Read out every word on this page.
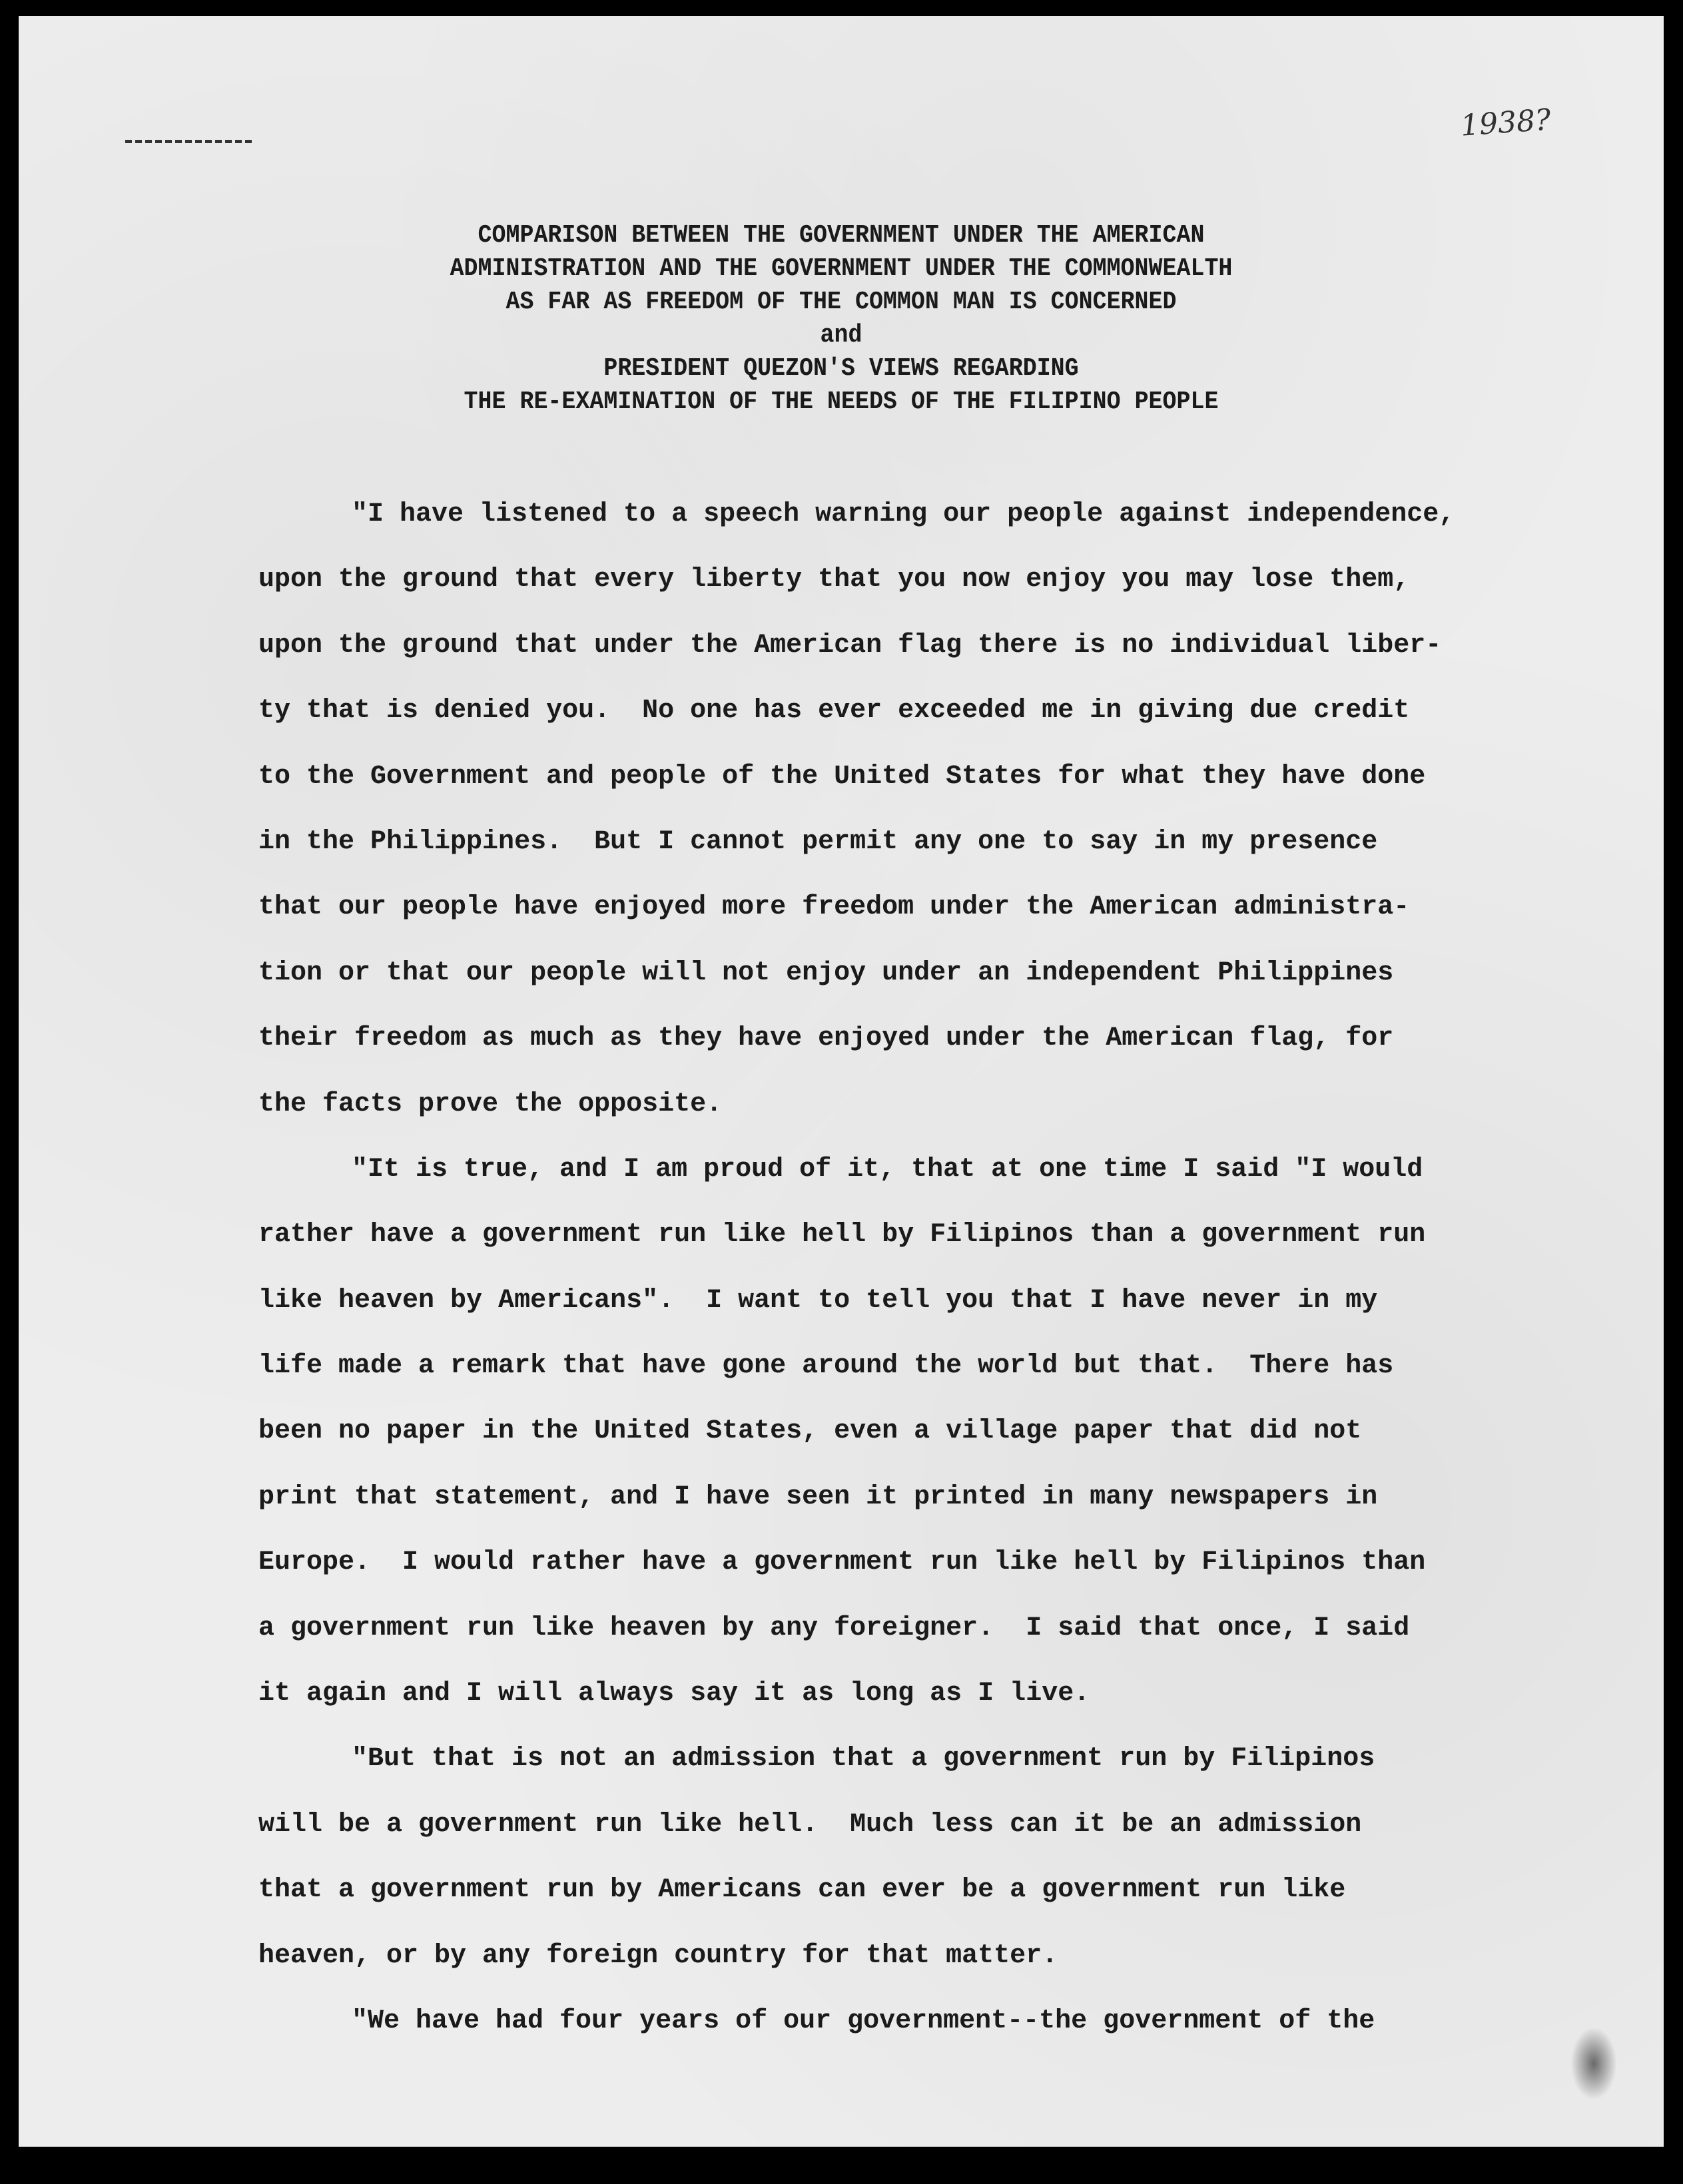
1938?
COMPARISON BETWEEN THE GOVERNMENT UNDER THE AMERICAN
ADMINISTRATION AND THE GOVERNMENT UNDER THE COMMONWEALTH
AS FAR AS FREEDOM OF THE COMMON MAN IS CONCERNED
and
PRESIDENT QUEZON'S VIEWS REGARDING
THE RE-EXAMINATION OF THE NEEDS OF THE FILIPINO PEOPLE
"I have listened to a speech warning our people against independence,
upon the ground that every liberty that you now enjoy you may lose them,
upon the ground that under the American flag there is no individual liber-
ty that is denied you.  No one has ever exceeded me in giving due credit
to the Government and people of the United States for what they have done
in the Philippines.  But I cannot permit any one to say in my presence
that our people have enjoyed more freedom under the American administra-
tion or that our people will not enjoy under an independent Philippines
their freedom as much as they have enjoyed under the American flag, for
the facts prove the opposite.
"It is true, and I am proud of it, that at one time I said "I would
rather have a government run like hell by Filipinos than a government run
like heaven by Americans".  I want to tell you that I have never in my
life made a remark that have gone around the world but that.  There has
been no paper in the United States, even a village paper that did not
print that statement, and I have seen it printed in many newspapers in
Europe.  I would rather have a government run like hell by Filipinos than
a government run like heaven by any foreigner.  I said that once, I said
it again and I will always say it as long as I live.
"But that is not an admission that a government run by Filipinos
will be a government run like hell.  Much less can it be an admission
that a government run by Americans can ever be a government run like
heaven, or by any foreign country for that matter.
"We have had four years of our government--the government of the
